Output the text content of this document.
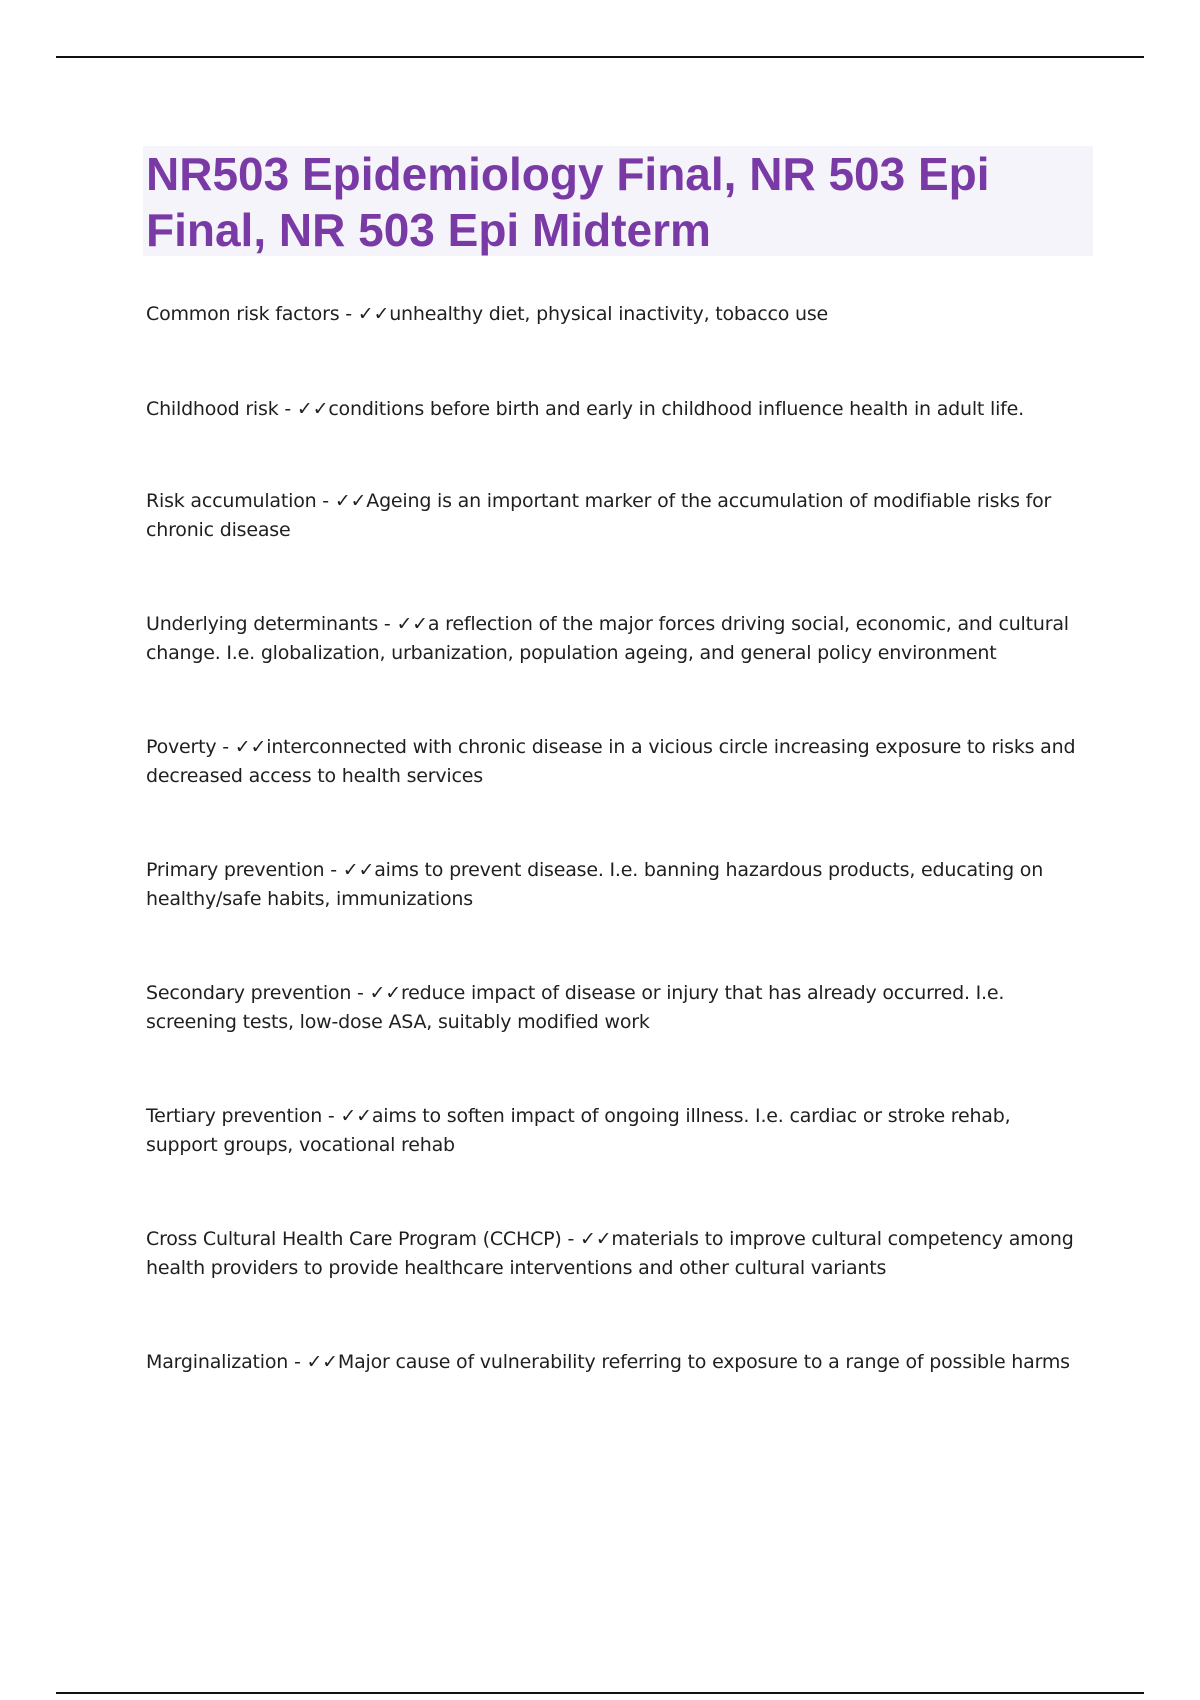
NR503 Epidemiology Final, NR 503 Epi Final, NR 503 Epi Midterm
Common risk factors - ✓✓unhealthy diet, physical inactivity, tobacco use
Childhood risk - ✓✓conditions before birth and early in childhood influence health in adult life.
Risk accumulation - ✓✓Ageing is an important marker of the accumulation of modifiable risks for chronic disease
Underlying determinants - ✓✓a reflection of the major forces driving social, economic, and cultural change. I.e. globalization, urbanization, population ageing, and general policy environment
Poverty - ✓✓interconnected with chronic disease in a vicious circle increasing exposure to risks and decreased access to health services
Primary prevention - ✓✓aims to prevent disease. I.e. banning hazardous products, educating on healthy/safe habits, immunizations
Secondary prevention - ✓✓reduce impact of disease or injury that has already occurred. I.e. screening tests, low-dose ASA, suitably modified work
Tertiary prevention - ✓✓aims to soften impact of ongoing illness. I.e. cardiac or stroke rehab, support groups, vocational rehab
Cross Cultural Health Care Program (CCHCP) - ✓✓materials to improve cultural competency among health providers to provide healthcare interventions and other cultural variants
Marginalization - ✓✓Major cause of vulnerability referring to exposure to a range of possible harms
